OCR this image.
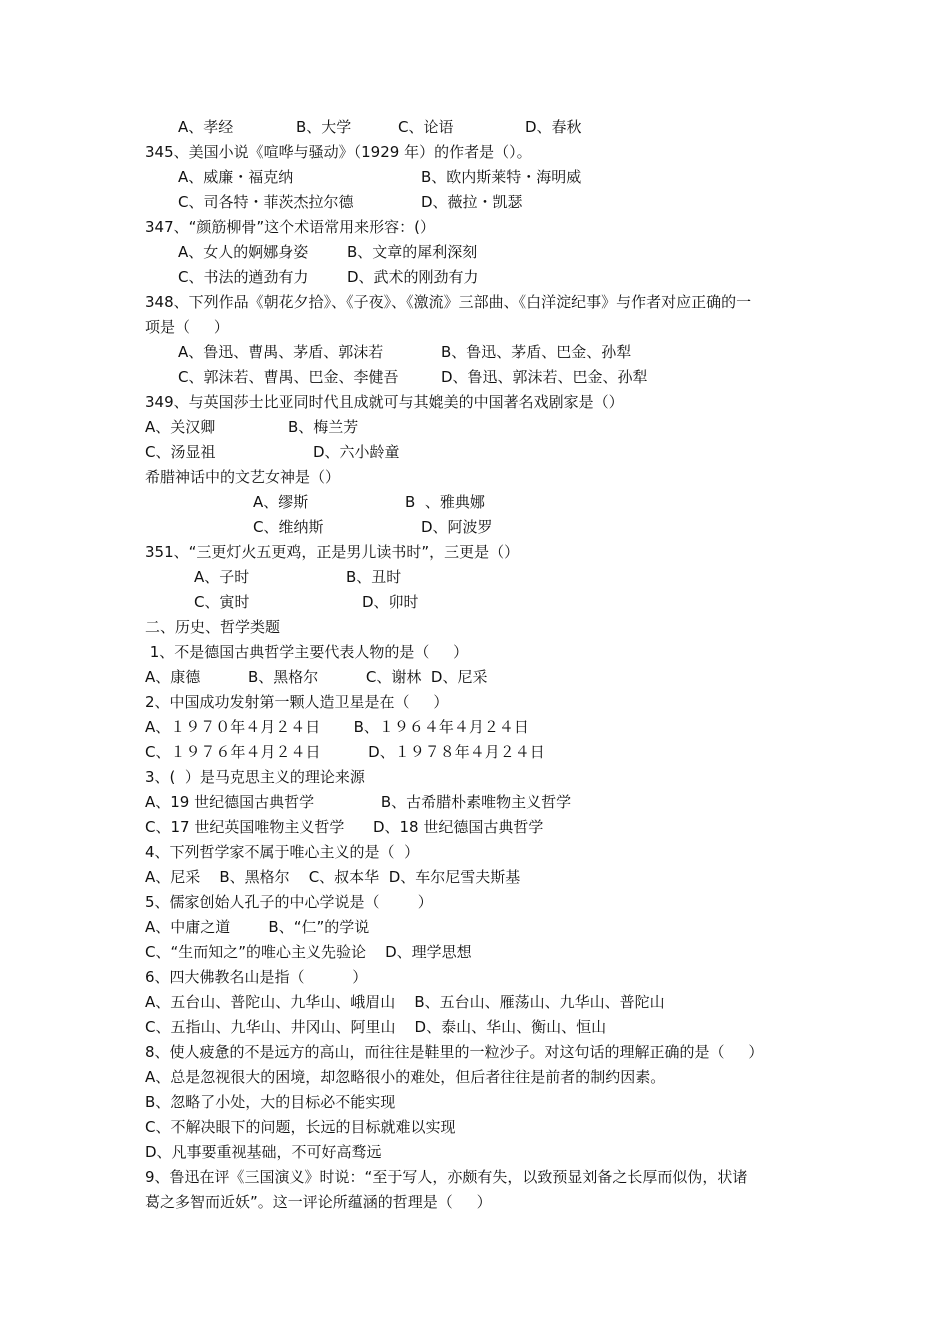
A、孝经	B、大学	C、论语	D、春秋
345、美国小说《喧哗与骚动》（1929 年）的作者是（）。
A、威廉・福克纳	B、欧内斯莱特・海明威
C、司各特・菲茨杰拉尔德	D、薇拉・凯瑟
347、“颜筋柳骨”这个术语常用来形容：(）
A、女人的婀娜身姿	B、文章的犀利深刻
C、书法的遒劲有力	D、武术的刚劲有力
348、下列作品《朝花夕拾》、《子夜》、《激流》三部曲、《白洋淀纪事》与作者对应正确的一
项是（     ）
A、鲁迅、曹禺、茅盾、郭沫若	B、鲁迅、茅盾、巴金、孙犁
C、郭沫若、曹禺、巴金、李健吾	D、鲁迅、郭沫若、巴金、孙犁
349、与英国莎士比亚同时代且成就可与其媲美的中国著名戏剧家是（）
A、关汉卿	B、梅兰芳
C、汤显祖	D、六小龄童
希腊神话中的文艺女神是（）
A、缪斯	B  、雅典娜
C、维纳斯	D、阿波罗
351、“三更灯火五更鸡，正是男儿读书时”，三更是（）
A、子时	B、丑时
C、寅时	D、卯时
二、历史、哲学类题
1、不是德国古典哲学主要代表人物的是（     ）
A、康德          B、黑格尔          C、谢林  D、尼采
2、中国成功发射第一颗人造卫星是在（     ）
A、１９７０年４月２４日       B、１９６４年４月２４日
C、１９７６年４月２４日          D、１９７８年４月２４日
3、(  ）是马克思主义的理论来源
A、19 世纪德国古典哲学              B、古希腊朴素唯物主义哲学
C、17 世纪英国唯物主义哲学      D、18 世纪德国古典哲学
4、下列哲学家不属于唯心主义的是（  ）
A、尼采    B、黑格尔    C、叔本华  D、车尔尼雪夫斯基
5、儒家创始人孔子的中心学说是（        ）
A、中庸之道        B、“仁”的学说
C、“生而知之”的唯心主义先验论    D、理学思想
6、四大佛教名山是指（          ）
A、五台山、普陀山、九华山、峨眉山    B、五台山、雁荡山、九华山、普陀山
C、五指山、九华山、井冈山、阿里山    D、泰山、华山、衡山、恒山
8、使人疲惫的不是远方的高山，而往往是鞋里的一粒沙子。对这句话的理解正确的是（     ）
A、总是忽视很大的困境，却忽略很小的难处，但后者往往是前者的制约因素。
B、忽略了小处，大的目标必不能实现
C、不解决眼下的问题，长远的目标就难以实现
D、凡事要重视基础，不可好高骛远
9、鲁迅在评《三国演义》时说：“至于写人，亦颇有失，以致预显刘备之长厚而似伪，状诸
葛之多智而近妖”。这一评论所蕴涵的哲理是（     ）
